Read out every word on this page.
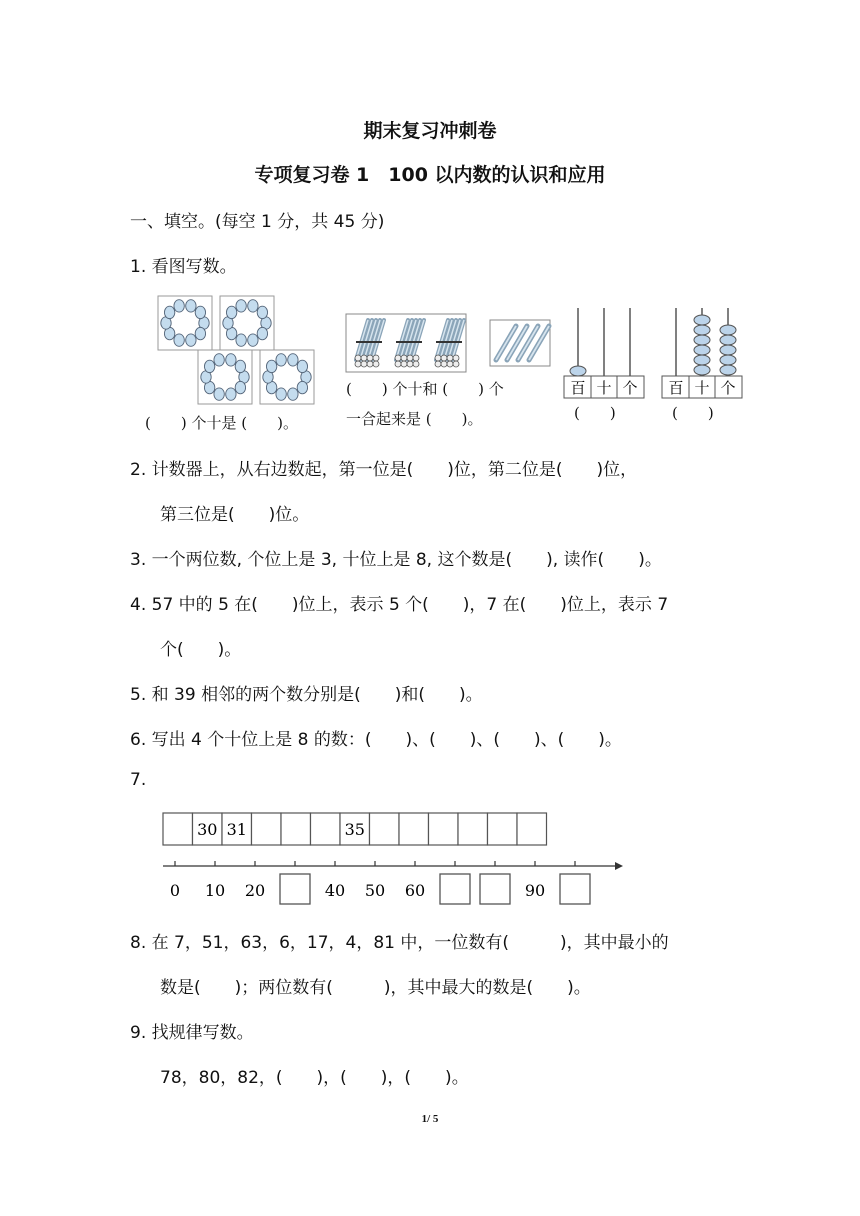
期末复习冲刺卷
专项复习卷 1　100 以内数的认识和应用
一、填空。(每空 1 分，共 45 分)
1. 看图写数。
(　　) 个十是 (　　)。
(　　) 个十和 (　　) 个
一合起来是 (　　)。
百 十 个
(　　)
百 十 个
(　　)
2. 计数器上，从右边数起，第一位是(　　)位，第二位是(　　)位，
第三位是(　　)位。
3. 一个两位数, 个位上是 3, 十位上是 8, 这个数是(　　), 读作(　　)。
4. 57 中的 5 在(　　)位上，表示 5 个(　　)，7 在(　　)位上，表示 7
个(　　)。
5. 和 39 相邻的两个数分别是(　　)和(　　)。
6. 写出 4 个十位上是 8 的数：(　　)、(　　)、(　　)、(　　)。
7.
30 31	35
0 10 20	40 50 60	90
8. 在 7，51，63，6，17，4，81 中，一位数有(　　　)，其中最小的
数是(　　)；两位数有(　　　)，其中最大的数是(　　)。
9. 找规律写数。
78，80，82，(　　)，(　　)，(　　)。
1/ 5
